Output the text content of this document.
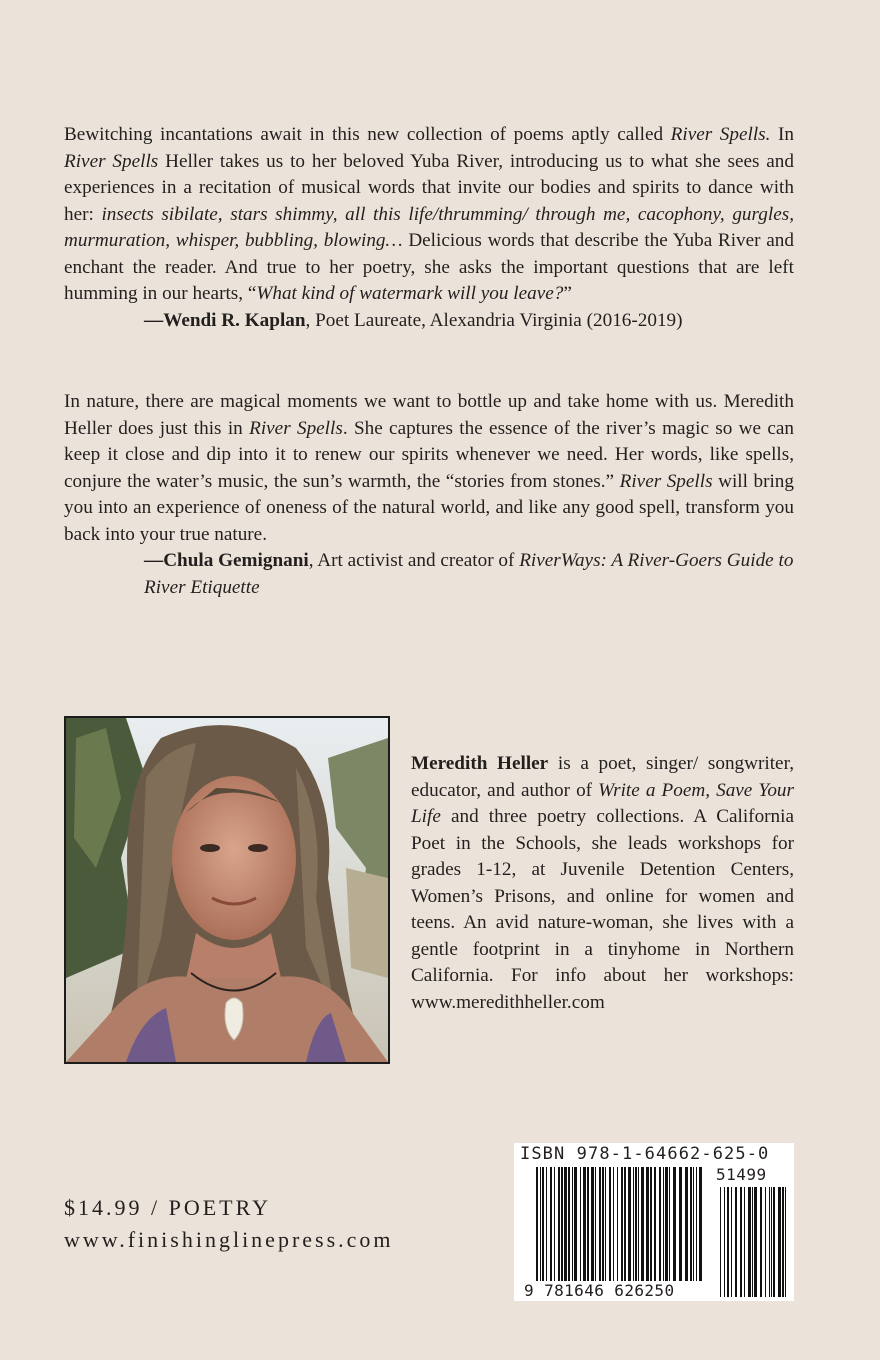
Bewitching incantations await in this new collection of poems aptly called River Spells. In River Spells Heller takes us to her beloved Yuba River, introducing us to what she sees and experiences in a recitation of musical words that invite our bodies and spirits to dance with her: insects sibilate, stars shimmy, all this life/thrumming/ through me, cacophony, gurgles, murmuration, whisper, bubbling, blowing… Delicious words that describe the Yuba River and enchant the reader. And true to her poetry, she asks the important questions that are left humming in our hearts, “What kind of watermark will you leave?”
—Wendi R. Kaplan, Poet Laureate, Alexandria Virginia (2016-2019)
In nature, there are magical moments we want to bottle up and take home with us. Meredith Heller does just this in River Spells. She captures the essence of the river’s magic so we can keep it close and dip into it to renew our spirits whenever we need. Her words, like spells, conjure the water’s music, the sun’s warmth, the “stories from stones.” River Spells will bring you into an experience of oneness of the natural world, and like any good spell, transform you back into your true nature.
—Chula Gemignani, Art activist and creator of RiverWays: A River-Goers Guide to River Etiquette
Meredith Heller is a poet, singer/ songwriter, educator, and author of Write a Poem, Save Your Life and three poetry collections. A California Poet in the Schools, she leads workshops for grades 1-12, at Juvenile Detention Centers, Women’s Prisons, and online for women and teens. An avid nature-woman, she lives with a gentle footprint in a tinyhome in Northern California. For info about her workshops: www.meredithheller.com
$14.99 / POETRY
www.finishinglinepress.com
ISBN 978-1-64662-625-0
51499
9 781646 626250
